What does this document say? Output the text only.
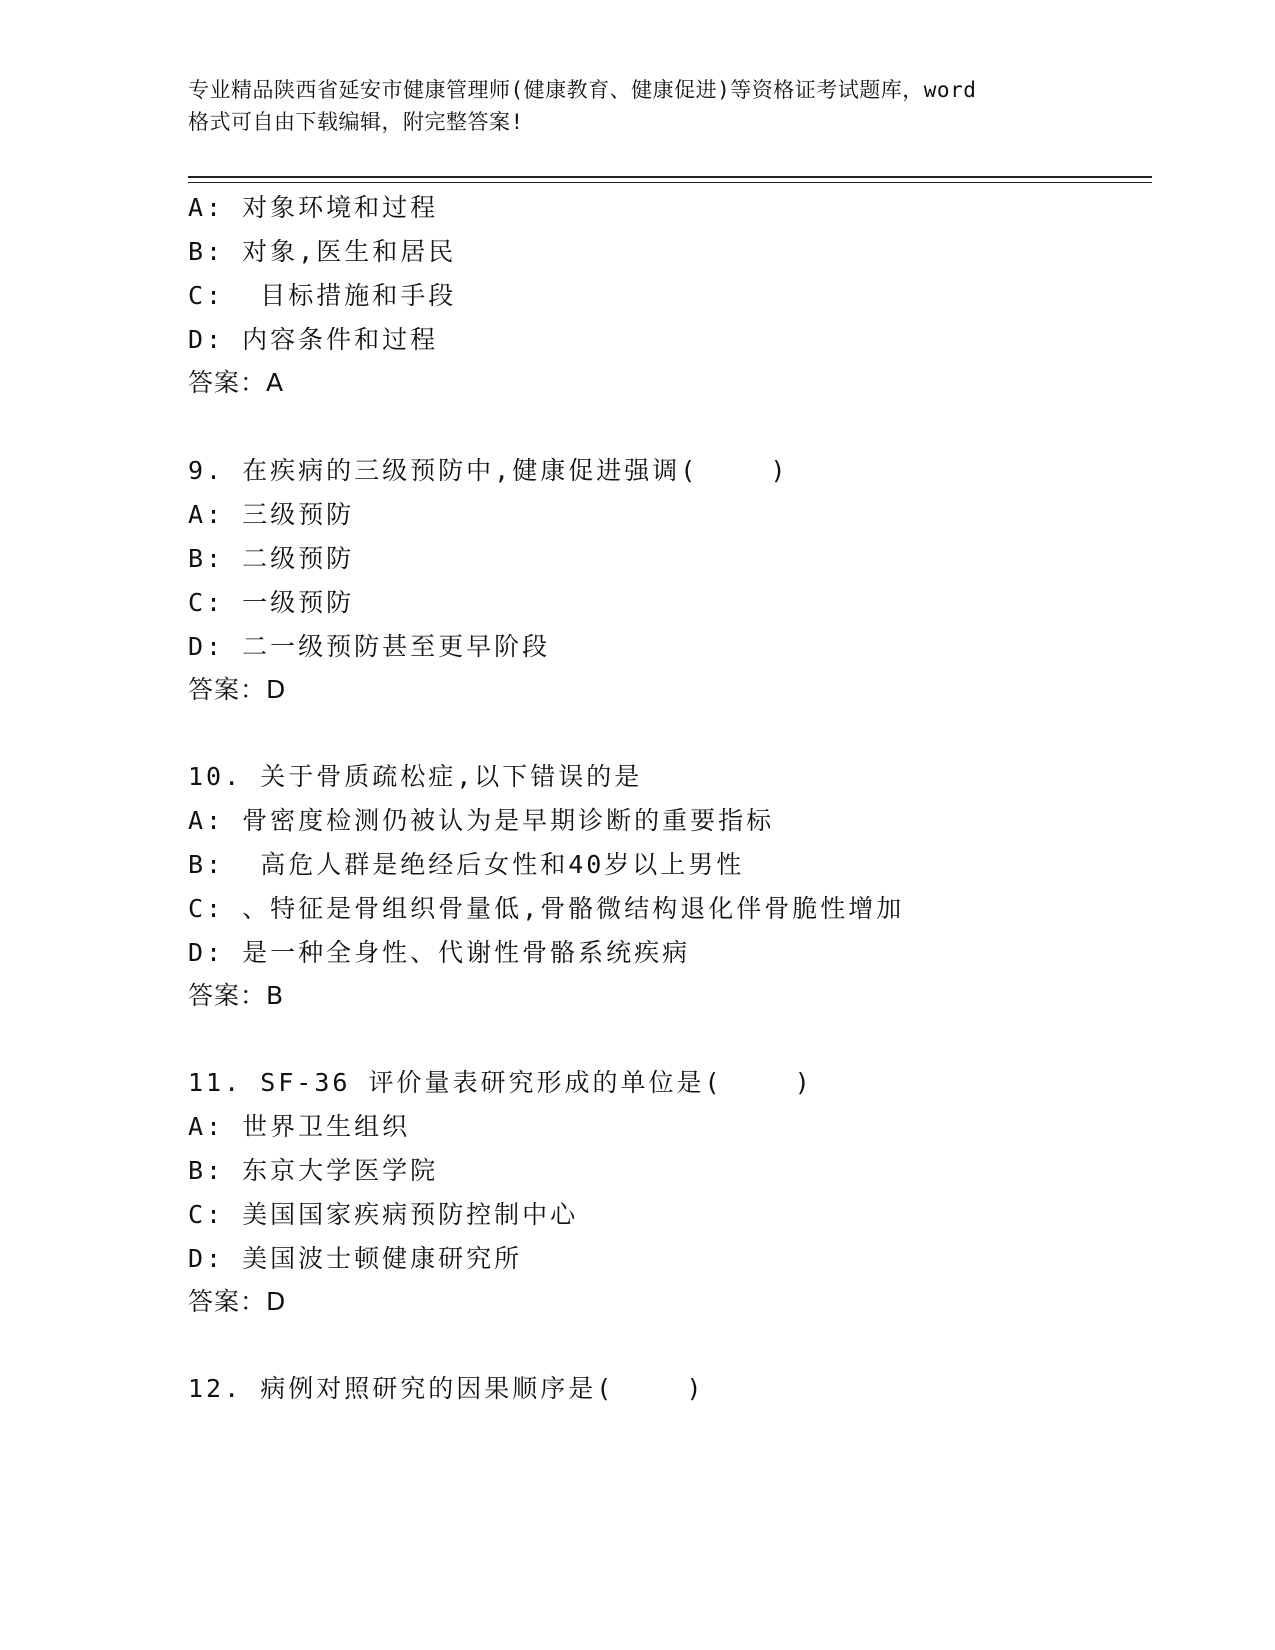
专业精品陕西省延安市健康管理师(健康教育、健康促进)等资格证考试题库，word
格式可自由下载编辑，附完整答案!
A: 对象环境和过程
B: 对象,医生和居民
C:  目标措施和手段
D: 内容条件和过程
答案：A
9. 在疾病的三级预防中,健康促进强调(    )
A: 三级预防
B: 二级预防
C: 一级预防
D: 二一级预防甚至更早阶段
答案：D
10. 关于骨质疏松症,以下错误的是
A: 骨密度检测仍被认为是早期诊断的重要指标
B:  高危人群是绝经后女性和40岁以上男性
C: 、特征是骨组织骨量低,骨骼微结构退化伴骨脆性增加
D: 是一种全身性、代谢性骨骼系统疾病
答案：B
11. SF-36 评价量表研究形成的单位是(    )
A: 世界卫生组织
B: 东京大学医学院
C: 美国国家疾病预防控制中心
D: 美国波士顿健康研究所
答案：D
12. 病例对照研究的因果顺序是(    )
